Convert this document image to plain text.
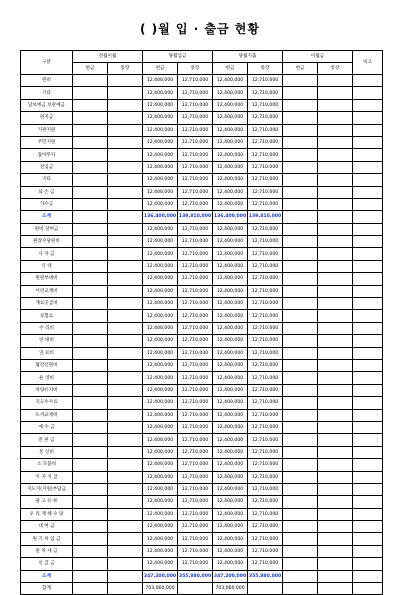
( )월 입 · 출금 현황
구분	전월이월		당월입금		당월지출		이월금		비고
	현금	통장	현금	통장	현금	통장	현금	통장	
원비			12,400,000	12,710,000	12,400,000	12,710,000			
기타			12,400,000	12,710,000	12,400,000	12,710,000			
담보예금 보관예금			12,400,000	12,710,000	12,400,000	12,710,000			
원지금			12,400,000	12,710,000	12,400,000	12,710,000			
기관지원			12,400,000	12,710,000	12,400,000	12,710,000			
주민지원			12,400,000	12,710,000	12,400,000	12,710,000			
잡이무자			12,400,000	12,710,000	12,400,000	12,710,000			
전입금			12,400,000	12,710,000	12,400,000	12,710,000			
기타			12,400,000	12,710,000	12,400,000	12,710,000			
퇴 손 금			12,400,000	12,710,000	12,400,000	12,710,000			
가수금			12,400,000	12,710,000	12,400,000	12,710,000			
소계			136,400,000	139,810,000	136,400,000	139,810,000			
원비 상여금			12,400,000	12,710,000	12,400,000	12,710,000			
원장수당원비			12,400,000	12,710,000	12,400,000	12,710,000			
사 자 금			12,400,000	12,710,000	12,400,000	12,710,000			
식 대			12,400,000	12,710,000	12,400,000	12,710,000			
원원부대비			12,400,000	12,710,000	12,400,000	12,710,000			
어린교재비			12,400,000	12,710,000	12,400,000	12,710,000			
재료공급비			12,400,000	12,710,000	12,400,000	12,710,000			
보험료			12,400,000	12,710,000	12,400,000	12,710,000			
수 리비			12,400,000	12,710,000	12,400,000	12,710,000			
연 대비			12,400,000	12,710,000	12,400,000	12,710,000			
연 료비			12,400,000	12,710,000	12,400,000	12,710,000			
월강신원비			12,400,000	12,710,000	12,400,000	12,710,000			
운 영비			12,400,000	12,710,000	12,400,000	12,710,000			
차량유지비			12,400,000	12,710,000	12,400,000	12,710,000			
지도수수료			12,400,000	12,710,000	12,400,000	12,710,000			
도서교재비			12,400,000	12,710,000	12,400,000	12,710,000			
예 수 금			12,400,000	12,710,000	12,400,000	12,710,000			
잔 판 금			12,400,000	12,710,000	12,400,000	12,710,000			
통 신비			12,400,000	12,710,000	12,400,000	12,710,000			
소 모품비			12,400,000	12,710,000	12,400,000	12,710,000			
이 자 지 급			12,400,000	12,710,000	12,400,000	12,710,000			
지도지(지원)부담금			12,400,000	12,710,000	12,400,000	12,710,000			
광 고 유 류			12,400,000	12,710,000	12,400,000	12,710,000			
우 리 재 해 수 당			12,400,000	12,710,000	12,400,000	12,710,000			
대 여 금			12,400,000	12,710,000	12,400,000	12,710,000			
원 기 차 입 금			12,400,000	12,710,000	12,400,000	12,710,000			
원 칙 세 금			12,400,000	12,710,000	12,400,000	12,710,000			
선 급 금			12,400,000	12,710,000	12,400,000	12,710,000			
소계			347,200,000	355,880,000	347,200,000	355,880,000			
합계			703,060,000		703,060,000				
